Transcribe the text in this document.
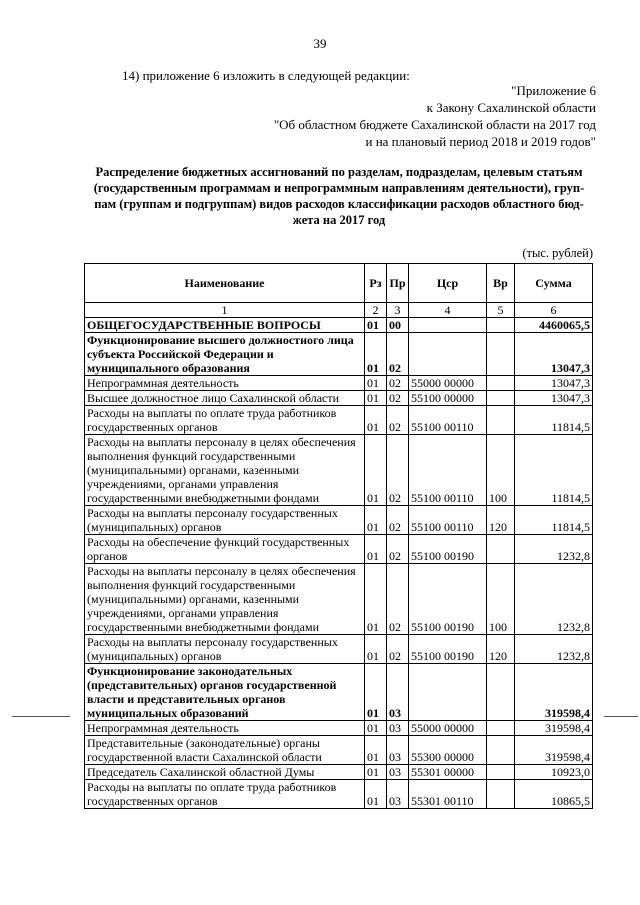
39
14) приложение 6 изложить в следующей редакции:
"Приложение 6
к Закону Сахалинской области
"Об областном бюджете Сахалинской области на 2017 год
и на плановый период 2018 и 2019 годов"
Распределение бюджетных ассигнований по разделам, подразделам, целевым статьям
(государственным программам и непрограммным направлениям деятельности), груп-
пам (группам и подгруппам) видов расходов классификации расходов областного бюд-
жета на 2017 год
(тыс. рублей)
Наименование	Рз	Пр	Цср	Вр	Сумма
1	2	3	4	5	6
ОБЩЕГОСУДАРСТВЕННЫЕ ВОПРОСЫ	01	00			4460065,5
Функционирование высшего должностного лица субъекта Российской Федерации и муниципального образования	01	02			13047,3
Непрограммная деятельность	01	02	55000 00000		13047,3
Высшее должностное лицо Сахалинской области	01	02	55100 00000		13047,3
Расходы на выплаты по оплате труда работников государственных органов	01	02	55100 00110		11814,5
Расходы на выплаты персоналу в целях обеспечения выполнения функций государственными (муниципальными) органами, казенными учреждениями, органами управления государственными внебюджетными фондами	01	02	55100 00110	100	11814,5
Расходы на выплаты персоналу государственных (муниципальных) органов	01	02	55100 00110	120	11814,5
Расходы на обеспечение функций государственных органов	01	02	55100 00190		1232,8
Расходы на выплаты персоналу в целях обеспечения выполнения функций государственными (муниципальными) органами, казенными учреждениями, органами управления государственными внебюджетными фондами	01	02	55100 00190	100	1232,8
Расходы на выплаты персоналу государственных (муниципальных) органов	01	02	55100 00190	120	1232,8
Функционирование законодательных (представительных) органов государственной власти и представительных органов муниципальных образований	01	03			319598,4
Непрограммная деятельность	01	03	55000 00000		319598,4
Представительные (законодательные) органы государственной власти Сахалинской области	01	03	55300 00000		319598,4
Председатель Сахалинской областной Думы	01	03	55301 00000		10923,0
Расходы на выплаты по оплате труда работников государственных органов	01	03	55301 00110		10865,5
